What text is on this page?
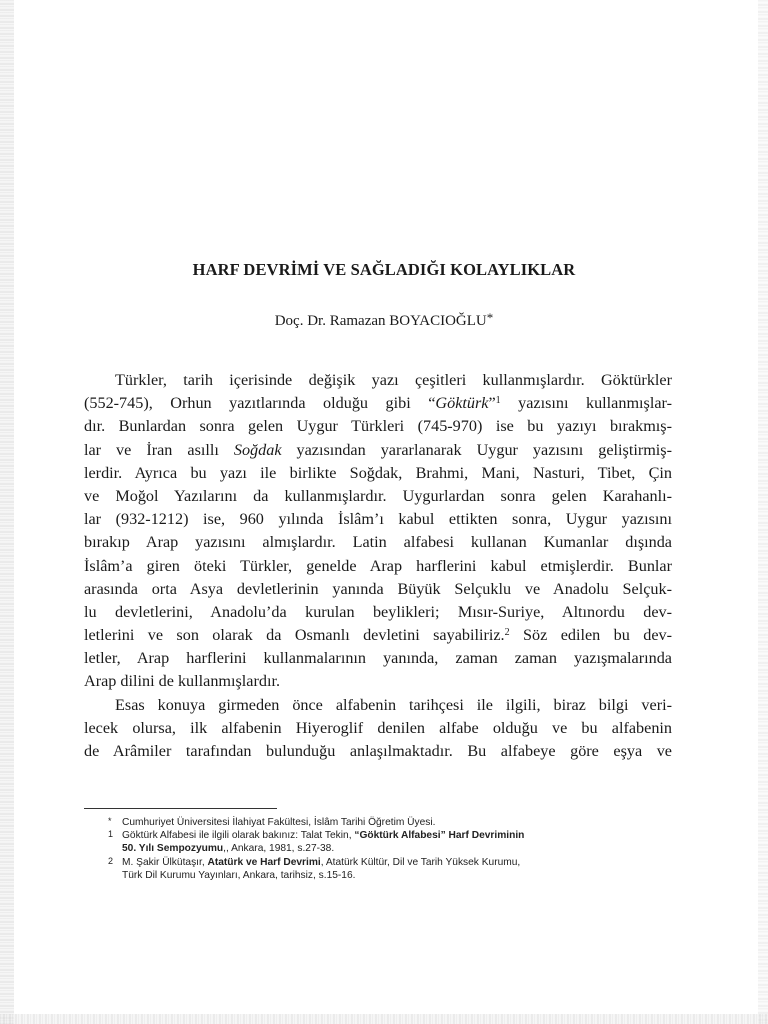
HARF DEVRİMİ VE SAĞLADIĞI KOLAYLIKLAR
Doç. Dr. Ramazan BOYACIOĞLU*
Türkler, tarih içerisinde değişik yazı çeşitleri kullanmışlardır. Göktürkler
(552-745), Orhun yazıtlarında olduğu gibi “Göktürk”$^1$ yazısını kullanmışlar-
dır. Bunlardan sonra gelen Uygur Türkleri (745-970) ise bu yazıyı bırakmış-
lar ve İran asıllı Soğdak yazısından yararlanarak Uygur yazısını geliştirmiş-
lerdir. Ayrıca bu yazı ile birlikte Soğdak, Brahmi, Mani, Nasturi, Tibet, Çin
ve Moğol Yazılarını da kullanmışlardır. Uygurlardan sonra gelen Karahanlı-
lar (932-1212) ise, 960 yılında İslâm’ı kabul ettikten sonra, Uygur yazısını
bırakıp Arap yazısını almışlardır. Latin alfabesi kullanan Kumanlar dışında
İslâm’a giren öteki Türkler, genelde Arap harflerini kabul etmişlerdir. Bunlar
arasında orta Asya devletlerinin yanında Büyük Selçuklu ve Anadolu Selçuk-
lu devletlerini, Anadolu’da kurulan beylikleri; Mısır-Suriye, Altınordu dev-
letlerini ve son olarak da Osmanlı devletini sayabiliriz.$^2$ Söz edilen bu dev-
letler, Arap harflerini kullanmalarının yanında, zaman zaman yazışmalarında
Arap dilini de kullanmışlardır.
Esas konuya girmeden önce alfabenin tarihçesi ile ilgili, biraz bilgi veri-
lecek olursa, ilk alfabenin Hiyeroglif denilen alfabe olduğu ve bu alfabenin
de Arâmiler tarafından bulunduğu anlaşılmaktadır. Bu alfabeye göre eşya ve
* Cumhuriyet Üniversitesi İlahiyat Fakültesi, İslâm Tarihi Öğretim Üyesi.
1 Göktürk Alfabesi ile ilgili olarak bakınız: Talat Tekin, “Göktürk Alfabesi” Harf Devriminin
50. Yılı Sempozyumu,, Ankara, 1981, s.27-38.
2 M. Şakir Ülkütaşır, Atatürk ve Harf Devrimi, Atatürk Kültür, Dil ve Tarih Yüksek Kurumu,
Türk Dil Kurumu Yayınları, Ankara, tarihsiz, s.15-16.
